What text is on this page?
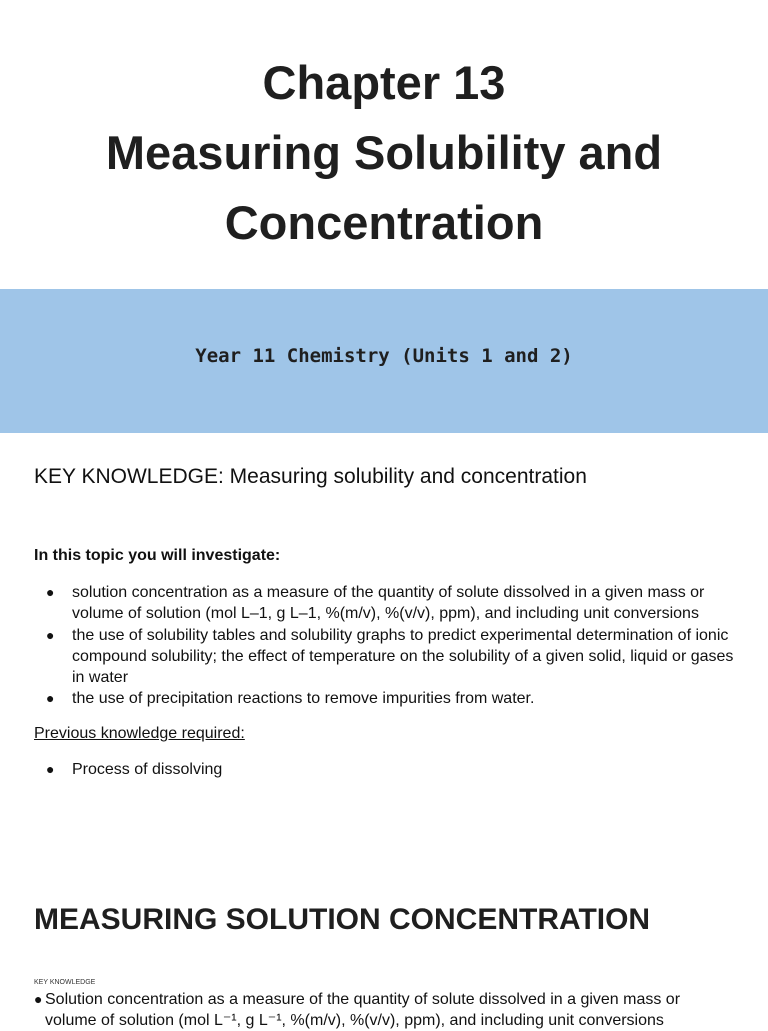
Chapter 13
Measuring Solubility and
Concentration
Year 11 Chemistry (Units 1 and 2)
KEY KNOWLEDGE: Measuring solubility and concentration
In this topic you will investigate:
● solution concentration as a measure of the quantity of solute dissolved in a given mass or volume of solution (mol L–1, g L–1, %(m/v), %(v/v), ppm), and including unit conversions
● the use of solubility tables and solubility graphs to predict experimental determination of ionic compound solubility; the effect of temperature on the solubility of a given solid, liquid or gases in water
● the use of precipitation reactions to remove impurities from water.
Previous knowledge required:
● Process of dissolving
MEASURING SOLUTION CONCENTRATION
KEY KNOWLEDGE
● Solution concentration as a measure of the quantity of solute dissolved in a given mass or
volume of solution (mol L⁻¹, g L⁻¹, %(m/v), %(v/v), ppm), and including unit conversions
